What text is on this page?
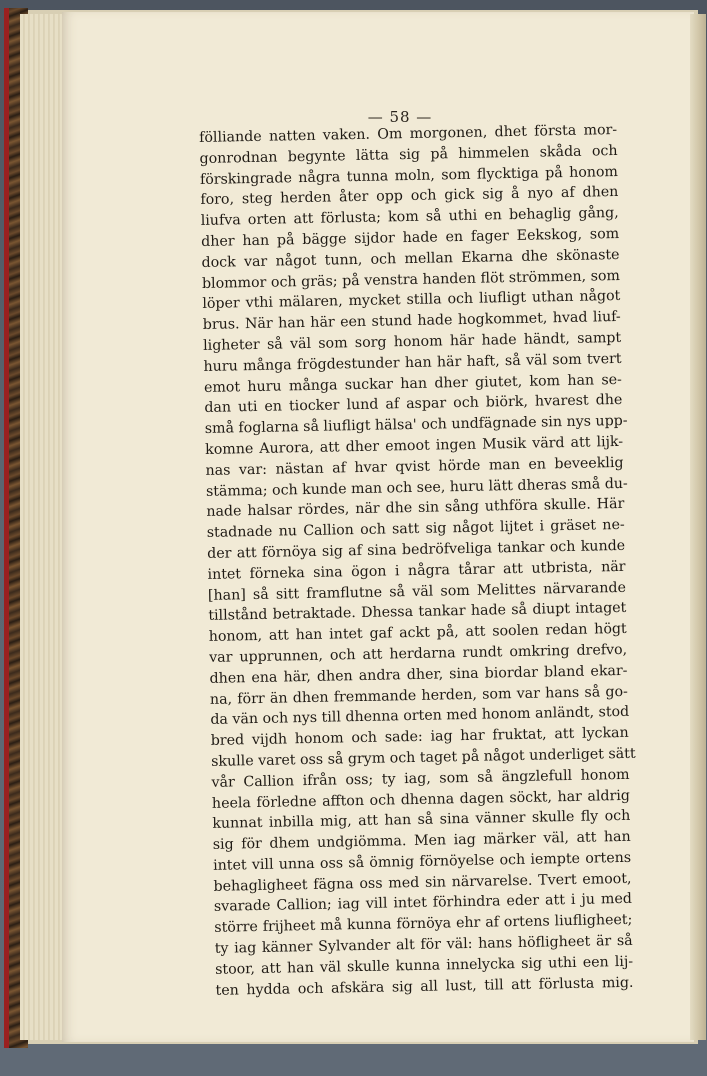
— 58 —
fölliande natten vaken. Om morgonen, dhet första mor-
gonrodnan begynte lätta sig på himmelen skåda och
förskingrade några tunna moln, som flycktiga på honom
foro, steg herden åter opp och gick sig å nyo af dhen
liufva orten att förlusta; kom så uthi en behaglig gång,
dher han på bägge sijdor hade en fager Eekskog, som
dock var något tunn, och mellan Ekarna dhe skönaste
blommor och gräs; på venstra handen flöt strömmen, som
löper vthi mälaren, mycket stilla och liufligt uthan något
brus. När han här een stund hade hogkommet, hvad liuf-
ligheter så väl som sorg honom här hade händt, sampt
huru många frögdestunder han här haft, så väl som tvert
emot huru många suckar han dher giutet, kom han se-
dan uti en tiocker lund af aspar och biörk, hvarest dhe
små foglarna så liufligt hälsa' och undfägnade sin nys upp-
komne Aurora, att dher emoot ingen Musik värd att lijk-
nas var: nästan af hvar qvist hörde man en beveeklig
stämma; och kunde man och see, huru lätt dheras små du-
nade halsar rördes, när dhe sin sång uthföra skulle. Här
stadnade nu Callion och satt sig något lijtet i gräset ne-
der att förnöya sig af sina bedröfveliga tankar och kunde
intet förneka sina ögon i några tårar att utbrista, när
[han] så sitt framflutne så väl som Melittes närvarande
tillstånd betraktade. Dhessa tankar hade så diupt intaget
honom, att han intet gaf ackt på, att soolen redan högt
var upprunnen, och att herdarna rundt omkring drefvo,
dhen ena här, dhen andra dher, sina biordar bland ekar-
na, förr än dhen fremmande herden, som var hans så go-
da vän och nys till dhenna orten med honom anländt, stod
bred vijdh honom och sade: iag har fruktat, att lyckan
skulle varet oss så grym och taget på något underliget sätt
vår Callion ifrån oss; ty iag, som så ängzlefull honom
heela förledne affton och dhenna dagen söckt, har aldrig
kunnat inbilla mig, att han så sina vänner skulle fly och
sig för dhem undgiömma. Men iag märker väl, att han
intet vill unna oss så ömnig förnöyelse och iempte ortens
behagligheet fägna oss med sin närvarelse. Tvert emoot,
svarade Callion; iag vill intet förhindra eder att i ju med
större frijheet må kunna förnöya ehr af ortens liufligheet;
ty iag känner Sylvander alt för väl: hans höfligheet är så
stoor, att han väl skulle kunna innelycka sig uthi een lij-
ten hydda och afskära sig all lust, till att förlusta mig.
